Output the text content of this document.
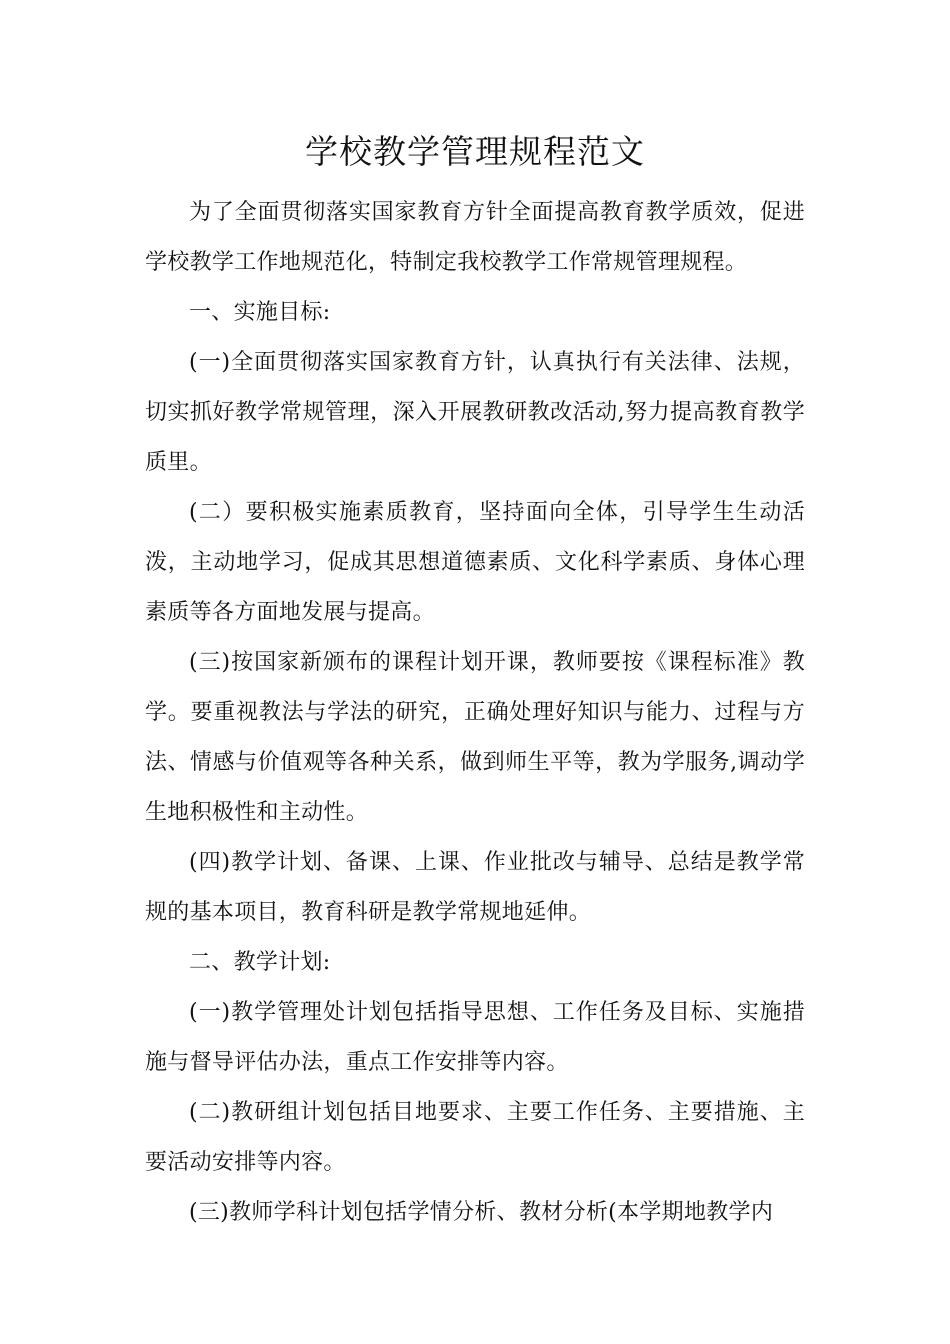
学校教学管理规程范文

为了全面贯彻落实国家教育方针全面提高教育教学质效，促进学校教学工作地规范化，特制定我校教学工作常规管理规程。

一、实施目标:

(一)全面贯彻落实国家教育方针，认真执行有关法律、法规，切实抓好教学常规管理，深入开展教研教改活动,努力提高教育教学质里。

(二）要积极实施素质教育，坚持面向全体，引导学生生动活泼，主动地学习，促成其思想道德素质、文化科学素质、身体心理素质等各方面地发展与提高。

(三)按国家新颁布的课程计划开课，教师要按《课程标准》教学。要重视教法与学法的研究，正确处理好知识与能力、过程与方法、情感与价值观等各种关系，做到师生平等，教为学服务,调动学生地积极性和主动性。

(四)教学计划、备课、上课、作业批改与辅导、总结是教学常规的基本项目，教育科研是教学常规地延伸。

二、教学计划:

(一)教学管理处计划包括指导思想、工作任务及目标、实施措施与督导评估办法，重点工作安排等内容。

(二)教研组计划包括目地要求、主要工作任务、主要措施、主要活动安排等内容。

(三)教师学科计划包括学情分析、教材分析(本学期地教学内
